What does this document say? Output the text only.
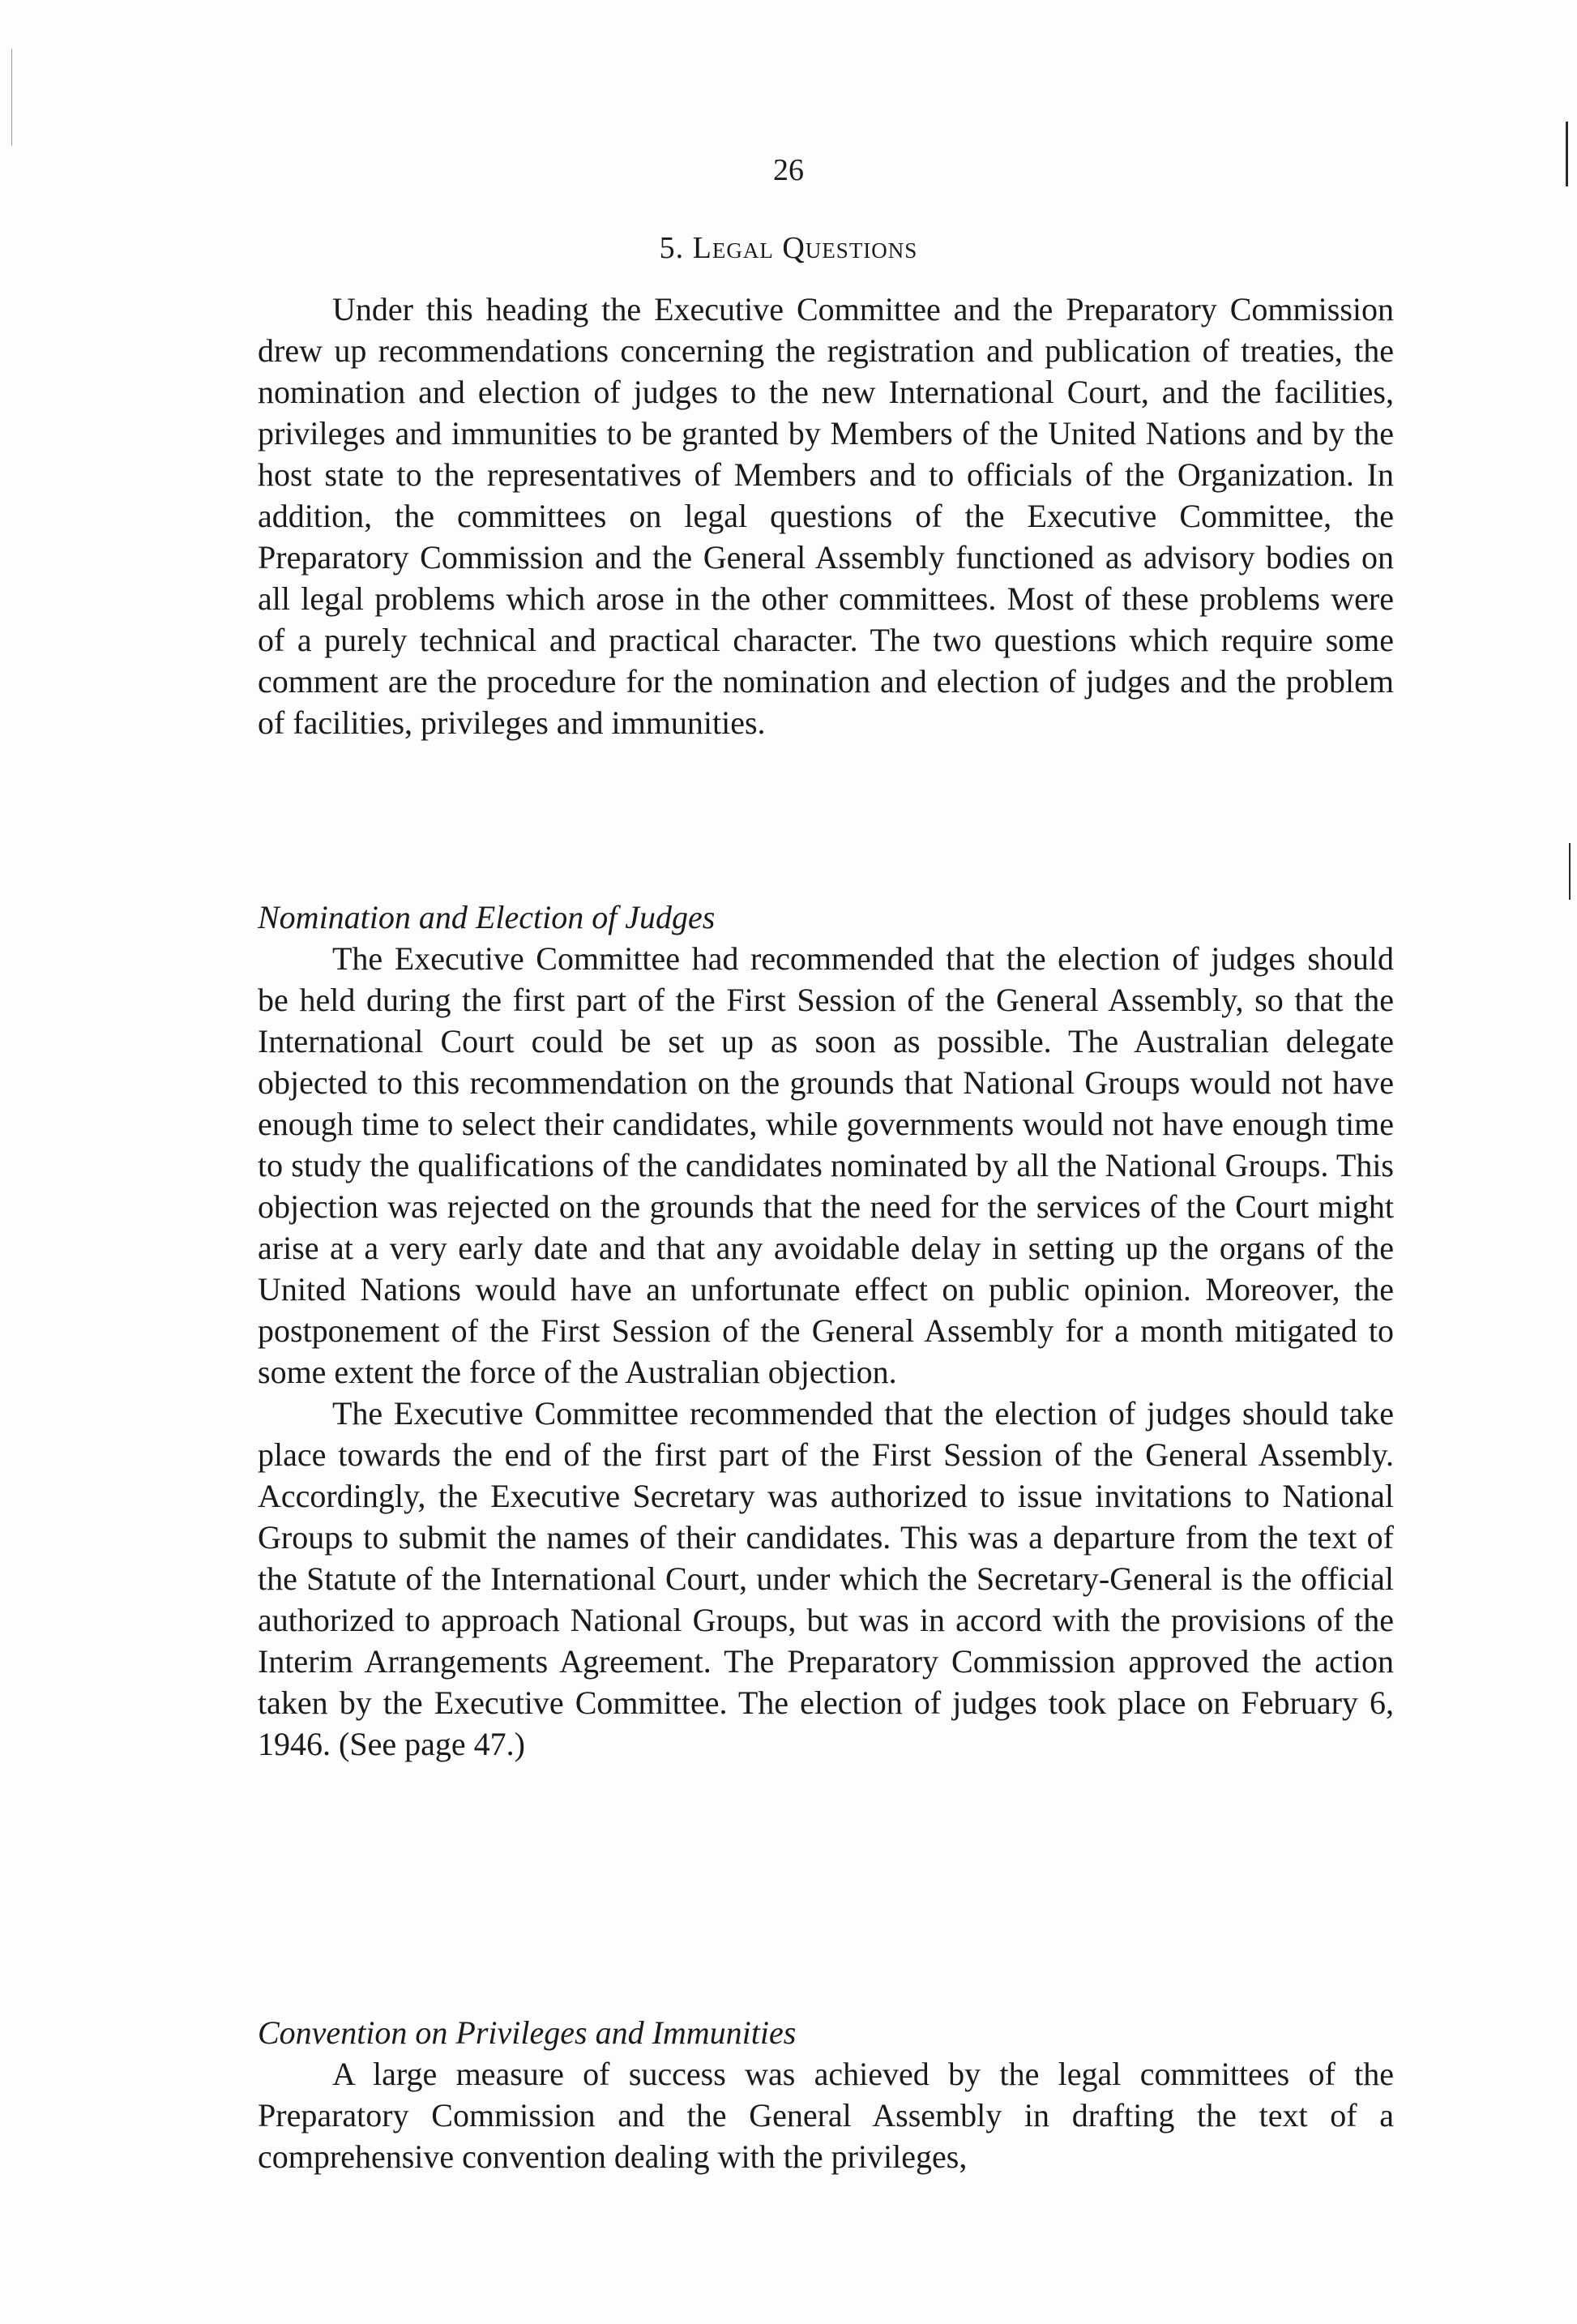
26
5. Legal Questions

Under this heading the Executive Committee and the Preparatory Commission drew up recommendations concerning the registration and publication of treaties, the nomination and election of judges to the new International Court, and the facilities, privileges and immunities to be granted by Members of the United Nations and by the host state to the representatives of Members and to officials of the Organization. In addition, the committees on legal questions of the Executive Committee, the Preparatory Commission and the General Assembly functioned as advisory bodies on all legal problems which arose in the other committees. Most of these problems were of a purely technical and practical character. The two questions which require some comment are the procedure for the nomination and election of judges and the problem of facilities, privileges and immunities.

Nomination and Election of Judges

The Executive Committee had recommended that the election of judges should be held during the first part of the First Session of the General Assembly, so that the International Court could be set up as soon as possible. The Australian delegate objected to this recommendation on the grounds that National Groups would not have enough time to select their candidates, while governments would not have enough time to study the qualifications of the candidates nominated by all the National Groups. This objection was rejected on the grounds that the need for the services of the Court might arise at a very early date and that any avoidable delay in setting up the organs of the United Nations would have an unfortunate effect on public opinion. Moreover, the postponement of the First Session of the General Assembly for a month mitigated to some extent the force of the Australian objection.

The Executive Committee recommended that the election of judges should take place towards the end of the first part of the First Session of the General Assembly. Accordingly, the Executive Secretary was authorized to issue invitations to National Groups to submit the names of their candidates. This was a departure from the text of the Statute of the International Court, under which the Secretary-General is the official authorized to approach National Groups, but was in accord with the provisions of the Interim Arrangements Agreement. The Preparatory Commission approved the action taken by the Executive Committee. The election of judges took place on February 6, 1946. (See page 47.)

Convention on Privileges and Immunities

A large measure of success was achieved by the legal committees of the Preparatory Commission and the General Assembly in drafting the text of a comprehensive convention dealing with the privileges,
